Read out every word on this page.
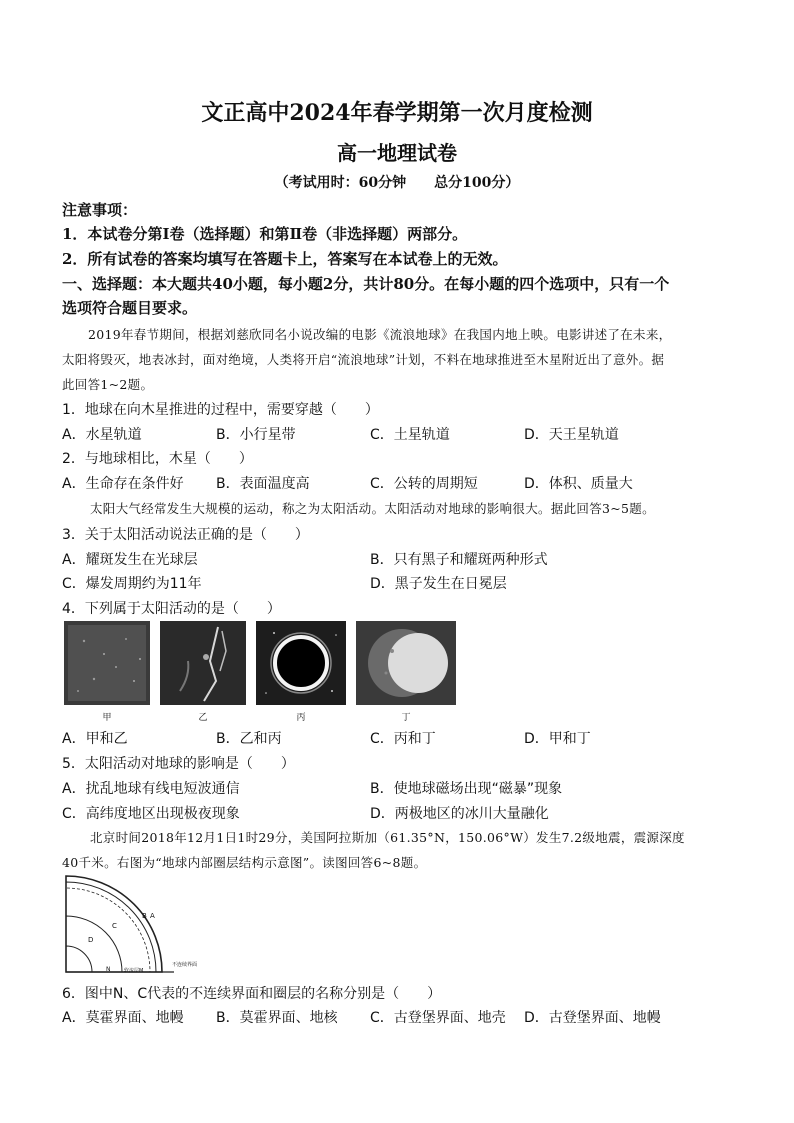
文正高中2024年春学期第一次月度检测
高一地理试卷
（考试用时：60分钟　　总分100分）
注意事项：
1．本试卷分第Ⅰ卷（选择题）和第Ⅱ卷（非选择题）两部分。
2．所有试卷的答案均填写在答题卡上，答案写在本试卷上的无效。
一、选择题：本大题共40小题，每小题2分，共计80分。在每小题的四个选项中，只有一个
选项符合题目要求。
2019年春节期间，根据刘慈欣同名小说改编的电影《流浪地球》在我国内地上映。电影讲述了在未来，
太阳将毁灭，地表冰封，面对绝境，人类将开启“流浪地球”计划，不料在地球推进至木星附近出了意外。据
此回答1~2题。
1．地球在向木星推进的过程中，需要穿越（　　）
A．水星轨道	B．小行星带	C．土星轨道	D．天王星轨道
2．与地球相比，木星（　　）
A．生命存在条件好 B．表面温度高	C．公转的周期短	D．体积、质量大
太阳大气经常发生大规模的运动，称之为太阳活动。太阳活动对地球的影响很大。据此回答3~5题。
3．关于太阳活动说法正确的是（　　）
A．耀斑发生在光球层	B．只有黑子和耀斑两种形式
C．爆发周期约为11年	D．黑子发生在日冕层
4．下列属于太阳活动的是（　　）
甲	乙	丙	丁
A．甲和乙	B．乙和丙	C．丙和丁	D．甲和丁
5．太阳活动对地球的影响是（　　）
A．扰乱地球有线电短波通信	B．使地球磁场出现“磁暴”现象
C．高纬度地区出现极夜现象	D．两极地区的冰川大量融化
北京时间2018年12月1日1时29分，美国阿拉斯加（61.35°N，150.06°W）发生7.2级地震，震源深度
40千米。右图为“地球内部圈层结构示意图”。读图回答6~8题。
A
B
C
D
N	软流层M
不连续界面
6．图中N、C代表的不连续界面和圈层的名称分别是（　　）
A．莫霍界面、地幔 B．莫霍界面、地核 C．古登堡界面、地壳 D．古登堡界面、地幔
